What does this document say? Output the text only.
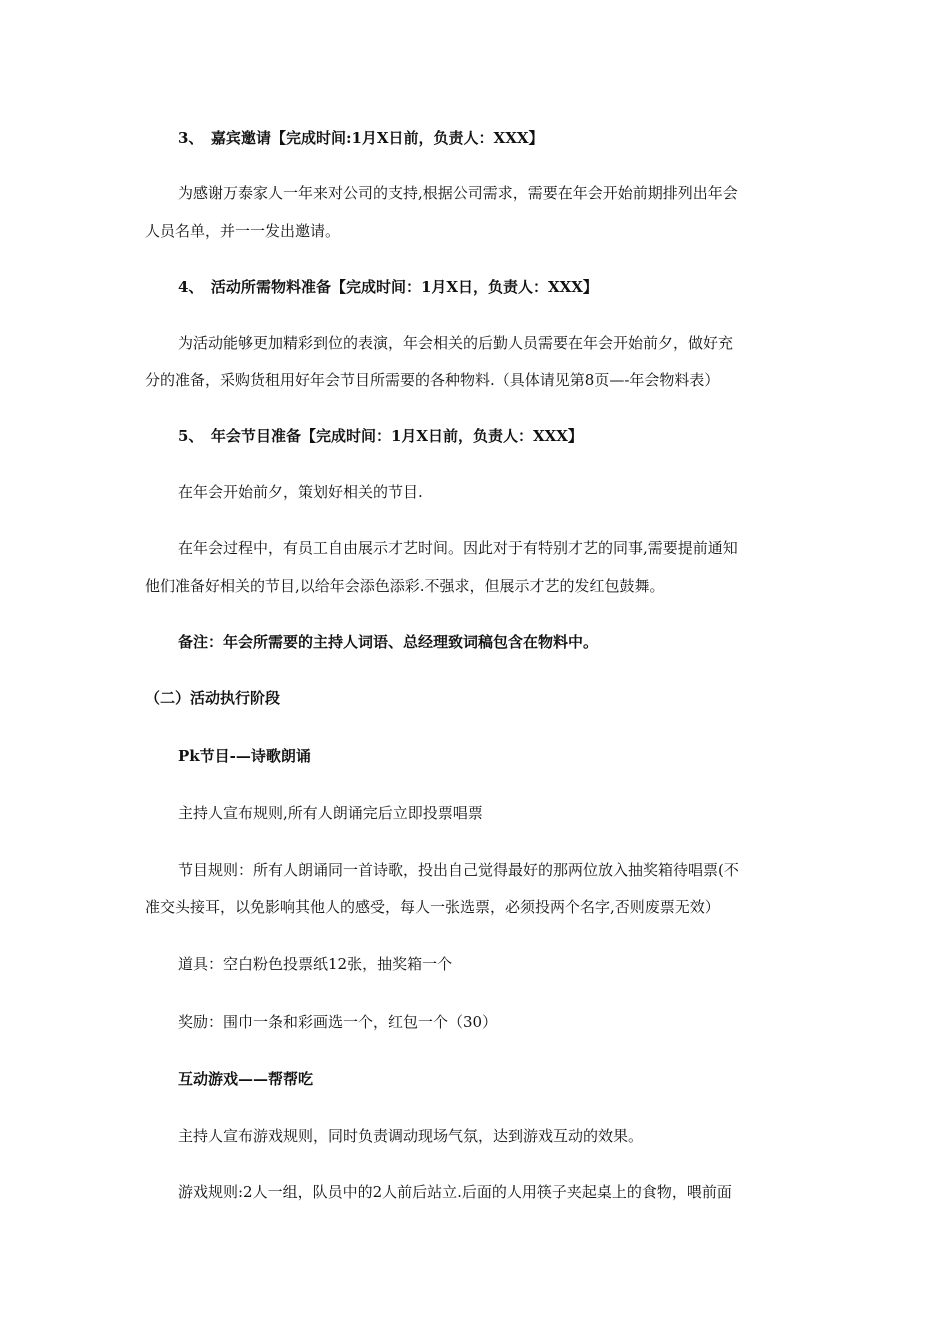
3、　嘉宾邀请【完成时间:1月X日前，负责人：XXX】
为感谢万泰家人一年来对公司的支持,根据公司需求，需要在年会开始前期排列出年会
人员名单，并一一发出邀请。
4、　活动所需物料准备【完成时间：1月X日，负责人：XXX】
为活动能够更加精彩到位的表演，年会相关的后勤人员需要在年会开始前夕，做好充
分的准备，采购货租用好年会节目所需要的各种物料.（具体请见第8页—-年会物料表）
5、　年会节目准备【完成时间：1月X日前，负责人：XXX】
在年会开始前夕，策划好相关的节目.
在年会过程中，有员工自由展示才艺时间。因此对于有特别才艺的同事,需要提前通知
他们准备好相关的节目,以给年会添色添彩.不强求，但展示才艺的发红包鼓舞。
备注：年会所需要的主持人词语、总经理致词稿包含在物料中。
（二）活动执行阶段
Pk节目-—诗歌朗诵
主持人宣布规则,所有人朗诵完后立即投票唱票
节目规则：所有人朗诵同一首诗歌，投出自己觉得最好的那两位放入抽奖箱待唱票(不
准交头接耳，以免影响其他人的感受，每人一张选票，必须投两个名字,否则废票无效）
道具：空白粉色投票纸12张，抽奖箱一个
奖励：围巾一条和彩画选一个，红包一个（30）
互动游戏——帮帮吃
主持人宣布游戏规则，同时负责调动现场气氛，达到游戏互动的效果。
游戏规则:2人一组，队员中的2人前后站立.后面的人用筷子夹起桌上的食物，喂前面
